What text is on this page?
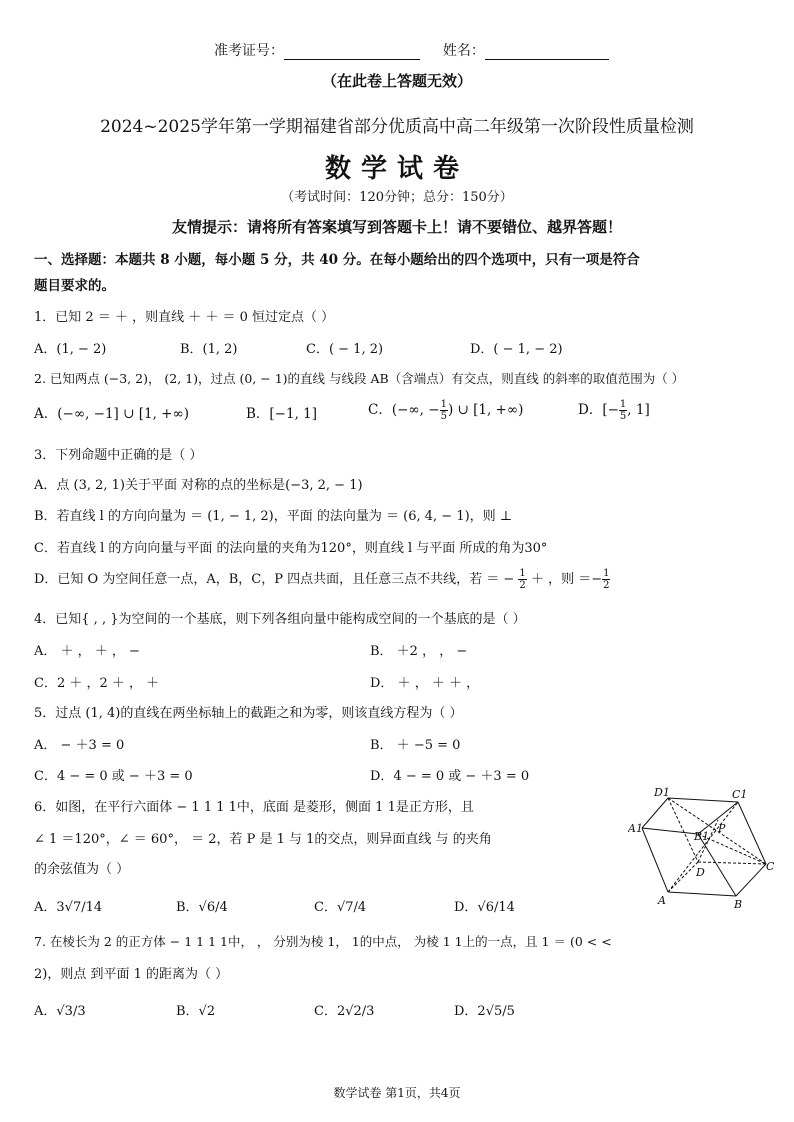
准考证号：	姓名：
（在此卷上答题无效）
2024~2025学年第一学期福建省部分优质高中高二年级第一次阶段性质量检测
数学试卷
（考试时间：120分钟；总分：150分）
友情提示：请将所有答案填写到答题卡上！请不要错位、越界答题！
一、选择题：本题共 8 小题，每小题 5 分，共 40 分。在每小题给出的四个选项中，只有一项是符合
题目要求的。
1．已知 2 ＝ ＋ ，则直线 ＋ ＋ ＝ 0 恒过定点（ ）
A．(1, − 2)	B．(1, 2)	C．( − 1, 2)	D．( − 1, − 2)
2. 已知两点 (−3, 2)， (2, 1)，过点 (0, − 1)的直线 与线段 AB（含端点）有交点，则直线 的斜率的取值范围为（ ）
A．(−∞, −1] ∪ [1, +∞)	B．[−1, 1]	C．(−∞, − $\frac{1}{5}$ ) ∪ [1, +∞)	D．[− $\frac{1}{5}$ , 1]
3．下列命题中正确的是（ ）
A．点 (3, 2, 1)关于平面 对称的点的坐标是(−3, 2, − 1)
B．若直线 l 的方向向量为 ＝ (1, − 1, 2)，平面 的法向量为 ＝ (6, 4, − 1)，则 ⊥
C．若直线 l 的方向向量与平面 的法向量的夹角为120°，则直线 l 与平面 所成的角为30°
D．已知 O 为空间任意一点，A，B，C，P 四点共面，且任意三点不共线，若 ＝ − $\frac{1}{2}$ ＋ ，则 ＝− $\frac{1}{2}$
4．已知{ , , }为空间的一个基底，则下列各组向量中能构成空间的一个基底的是（ ）
A． ＋ ， ＋ ， −	B． ＋2 ， ， −
C．2 ＋ ，2 ＋ ， ＋	D． ＋ ， ＋ ＋ ，
5．过点 (1, 4)的直线在两坐标轴上的截距之和为零，则该直线方程为（ ）
A． − ＋3 = 0	B． ＋ −5 = 0
C．4 − = 0 或 − ＋3 = 0	D．4 − = 0 或 − ＋3 = 0
6．如图，在平行六面体 − 1 1 1 1中，底面 是菱形，侧面 1 1是正方形，且
∠ 1 ＝120°，∠ ＝ 60°， ＝ 2，若 P 是 1 与 1的交点，则异面直线 与 的夹角
的余弦值为（ ）
A．3√7/14	B．√6/4	C．√7/4	D．√6/14
D1	C1
A1
B1
P
D	C
A	B
7. 在棱长为 2 的正方体 − 1 1 1 1中， ， 分别为棱 1， 1的中点， 为棱 1 1上的一点，且 1 ＝ (0 < <
2)，则点 到平面 1 的距离为（ ）
A．√3/3	B．√2	C．2√2/3	D．2√5/5
数学试卷 第1页，共4页
